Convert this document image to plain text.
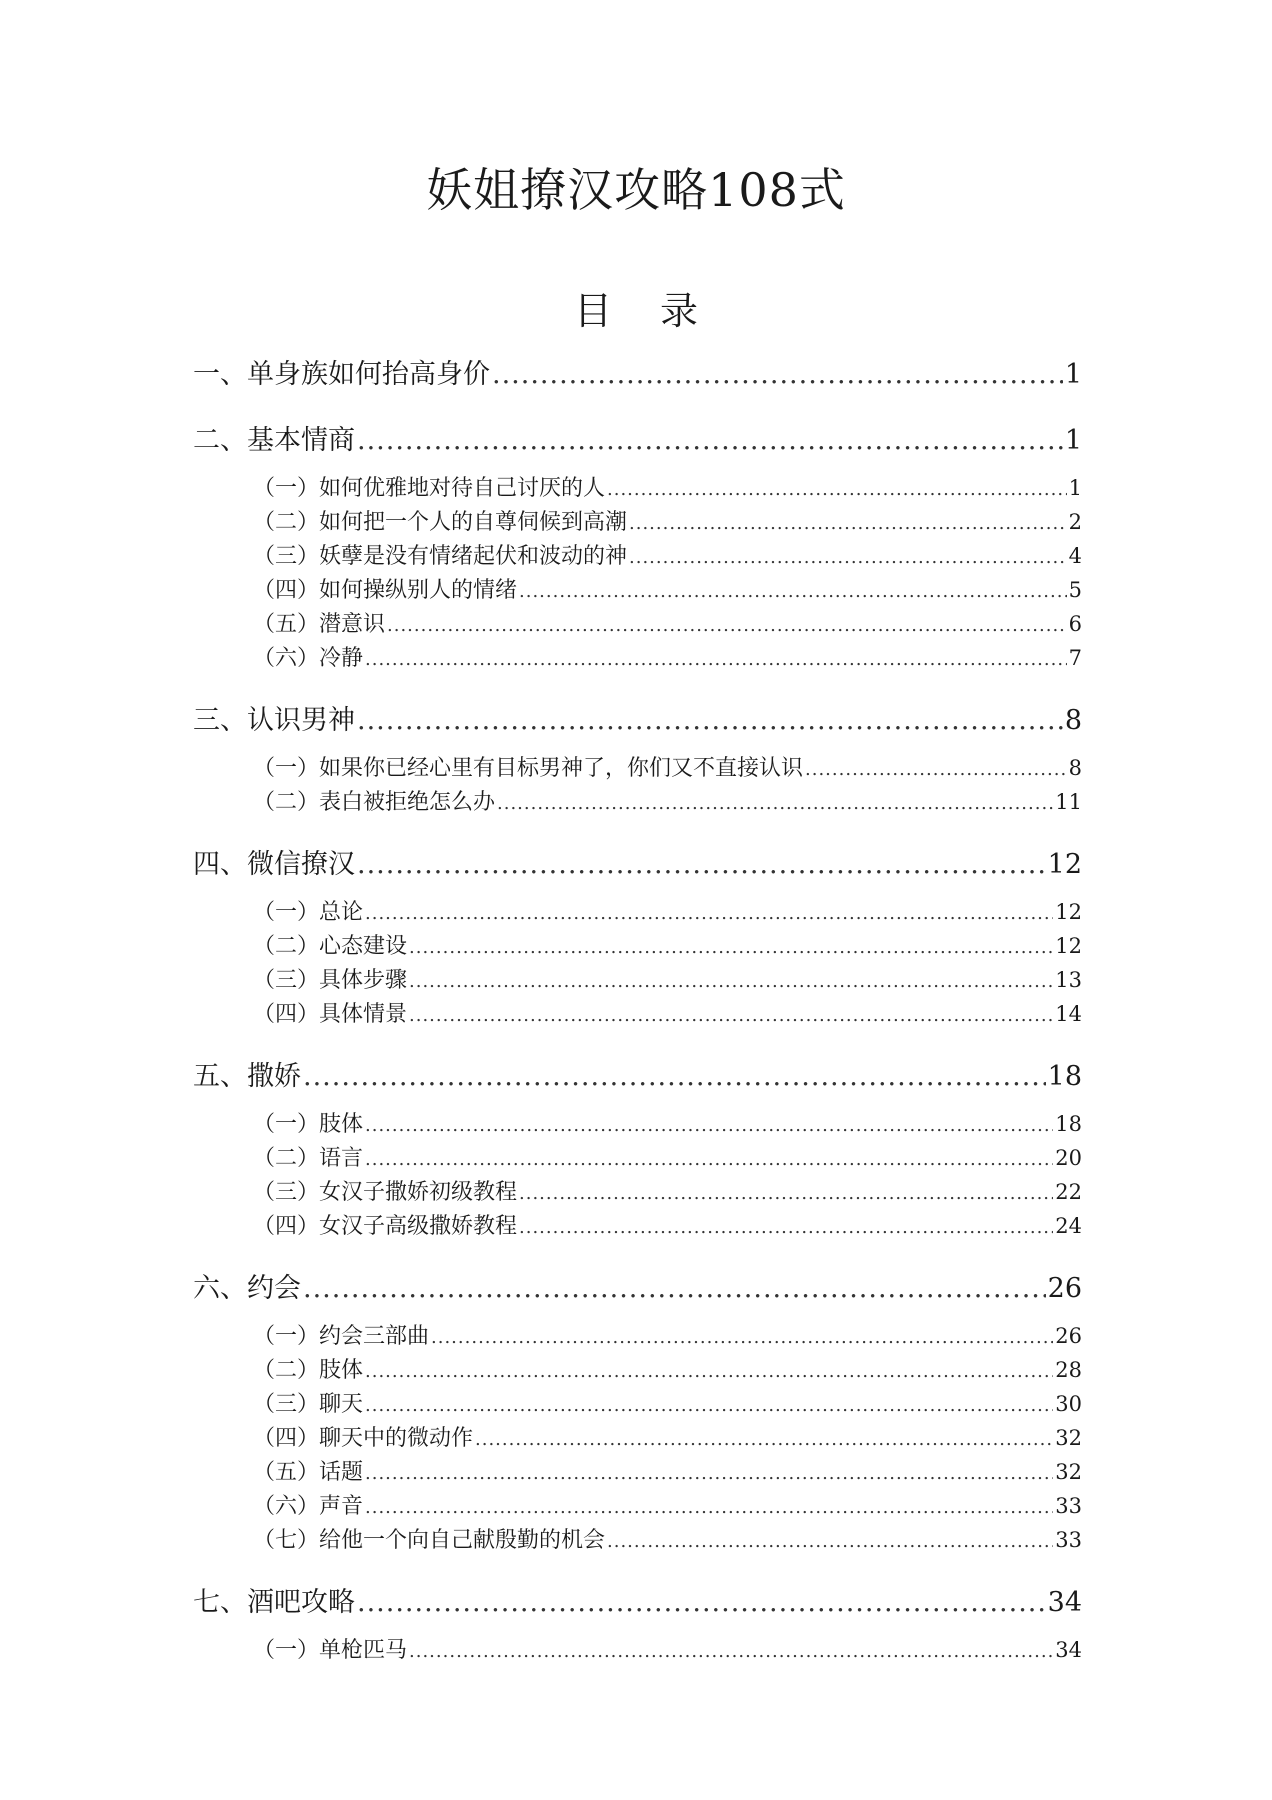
妖姐撩汉攻略108式
目 录
一、单身族如何抬高身价 .....	1
二、基本情商 .....	1
（一）如何优雅地对待自己讨厌的人 .....	1
（二）如何把一个人的自尊伺候到高潮 .....	2
（三）妖孽是没有情绪起伏和波动的神 .....	4
（四）如何操纵别人的情绪 .....	5
（五）潜意识 .....	6
（六）冷静 .....	7
三、认识男神 .....	8
（一）如果你已经心里有目标男神了，你们又不直接认识 .....	8
（二）表白被拒绝怎么办 .....	11
四、微信撩汉 .....	12
（一）总论 .....	12
（二）心态建设 .....	12
（三）具体步骤 .....	13
（四）具体情景 .....	14
五、撒娇 .....	18
（一）肢体 .....	18
（二）语言 .....	20
（三）女汉子撒娇初级教程 .....	22
（四）女汉子高级撒娇教程 .....	24
六、约会 .....	26
（一）约会三部曲 .....	26
（二）肢体 .....	28
（三）聊天 .....	30
（四）聊天中的微动作 .....	32
（五）话题 .....	32
（六）声音 .....	33
（七）给他一个向自己献殷勤的机会 .....	33
七、酒吧攻略 .....	34
（一）单枪匹马 .....	34
